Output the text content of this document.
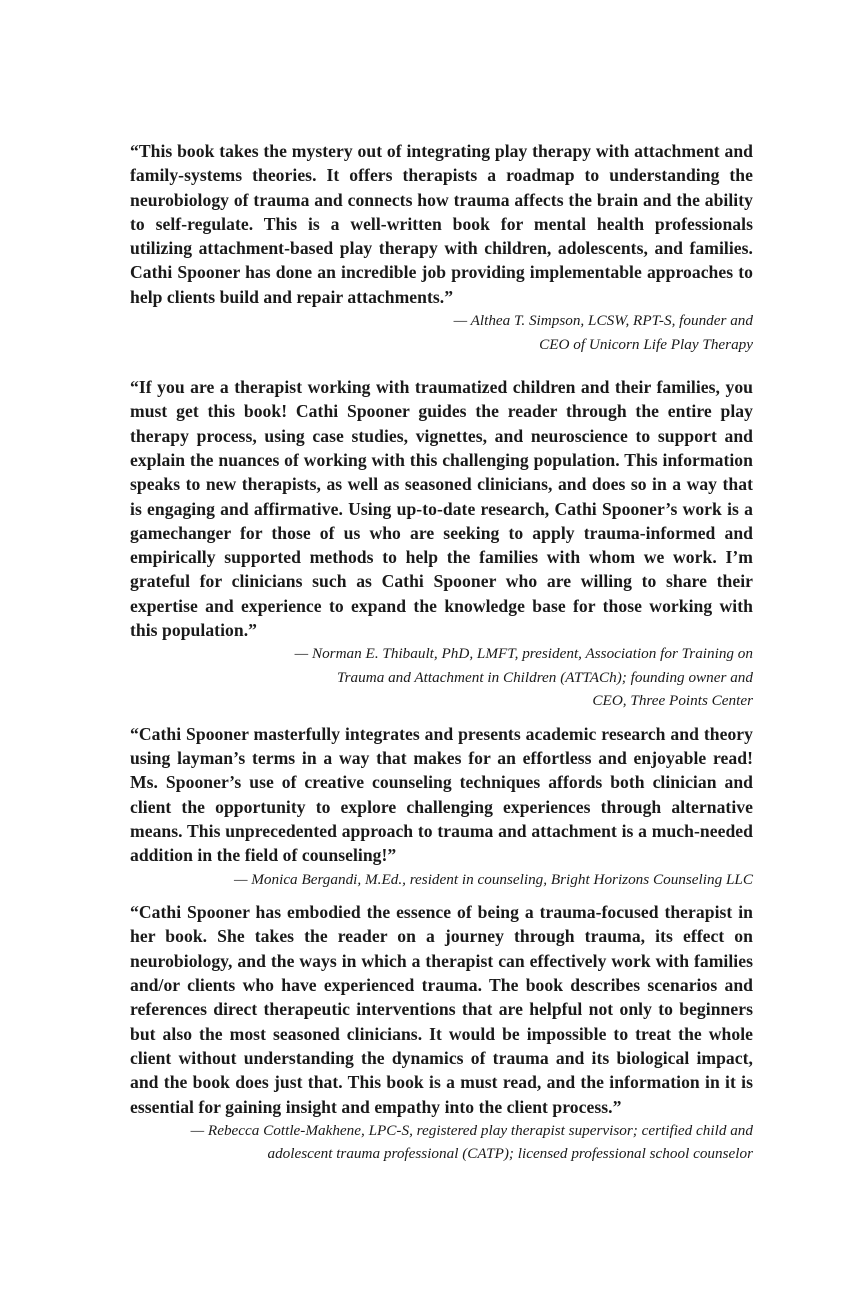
“This book takes the mystery out of integrating play therapy with attachment and family-systems theories. It offers therapists a roadmap to understanding the neurobiology of trauma and connects how trauma affects the brain and the ability to self-regulate. This is a well-written book for mental health professionals utilizing attachment-based play therapy with children, adolescents, and families. Cathi Spooner has done an incredible job providing implementable approaches to help clients build and repair attachments.”

— Althea T. Simpson, LCSW, RPT-S, founder and

CEO of Unicorn Life Play Therapy

“If you are a therapist working with traumatized children and their families, you must get this book! Cathi Spooner guides the reader through the entire play therapy process, using case studies, vignettes, and neuroscience to support and explain the nuances of working with this challenging population. This information speaks to new therapists, as well as seasoned clinicians, and does so in a way that is engaging and affirmative. Using up-to-date research, Cathi Spooner’s work is a gamechanger for those of us who are seeking to apply trauma-informed and empirically supported methods to help the families with whom we work. I’m grateful for clinicians such as Cathi Spooner who are willing to share their expertise and experience to expand the knowledge base for those working with this population.”

— Norman E. Thibault, PhD, LMFT, president, Association for Training on

Trauma and Attachment in Children (ATTACh); founding owner and

CEO, Three Points Center

“Cathi Spooner masterfully integrates and presents academic research and theory using layman’s terms in a way that makes for an effortless and enjoyable read! Ms. Spooner’s use of creative counseling techniques affords both clinician and client the opportunity to explore challenging experiences through alternative means. This unprecedented approach to trauma and attachment is a much-needed addition in the field of counseling!”

— Monica Bergandi, M.Ed., resident in counseling, Bright Horizons Counseling LLC

“Cathi Spooner has embodied the essence of being a trauma-focused therapist in her book. She takes the reader on a journey through trauma, its effect on neurobiology, and the ways in which a therapist can effectively work with families and/or clients who have experienced trauma. The book describes scenarios and references direct therapeutic interventions that are helpful not only to beginners but also the most seasoned clinicians. It would be impossible to treat the whole client without understanding the dynamics of trauma and its biological impact, and the book does just that. This book is a must read, and the information in it is essential for gaining insight and empathy into the client process.”

— Rebecca Cottle-Makhene, LPC-S, registered play therapist supervisor; certified child and

adolescent trauma professional (CATP); licensed professional school counselor
